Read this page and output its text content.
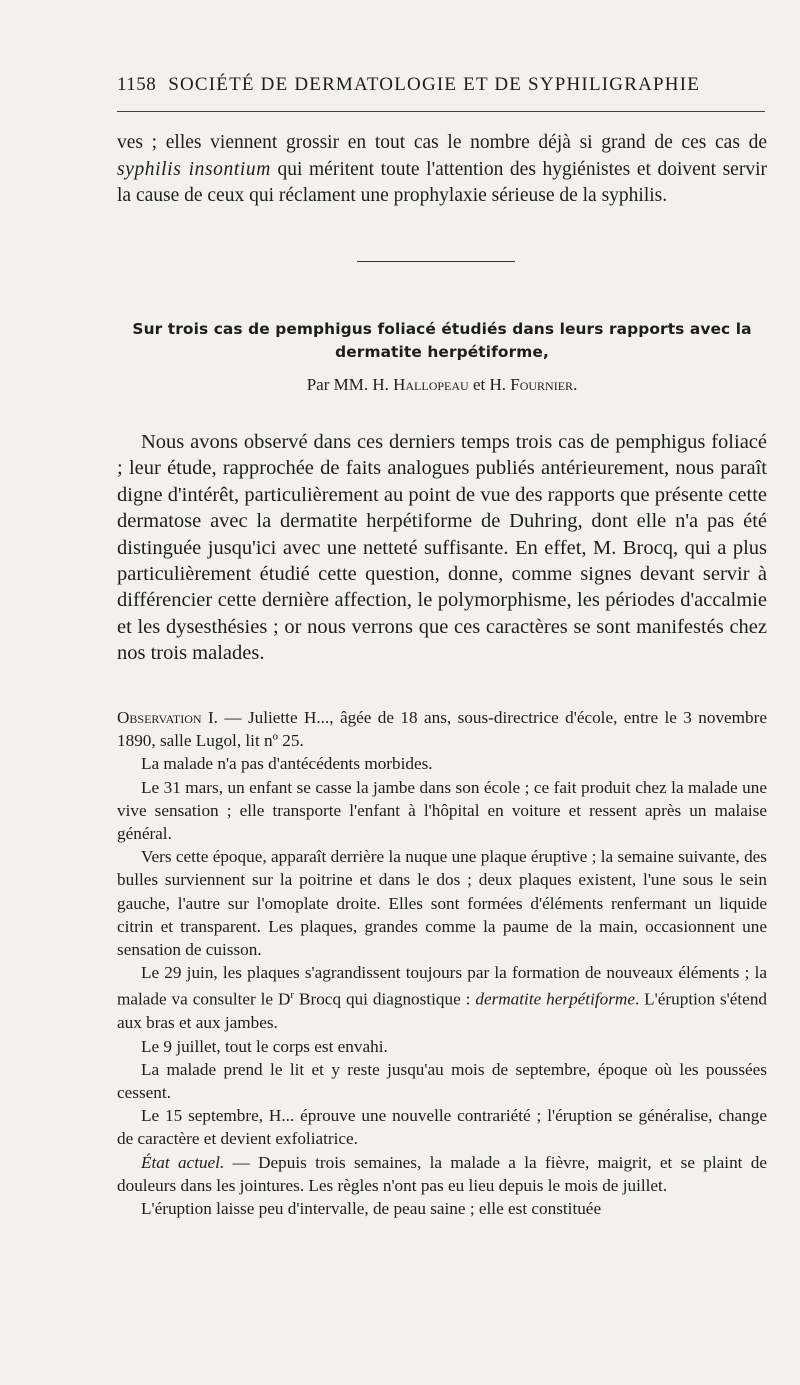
1158 SOCIÉTÉ DE DERMATOLOGIE ET DE SYPHILIGRAPHIE

ves ; elles viennent grossir en tout cas le nombre déjà si grand de ces cas de syphilis insontium qui méritent toute l'attention des hygiénistes et doivent servir la cause de ceux qui réclament une prophylaxie sérieuse de la syphilis.

Sur trois cas de pemphigus foliacé étudiés dans leurs rapports avec la dermatite herpétiforme,
Par MM. H. Hallopeau et H. Fournier.

Nous avons observé dans ces derniers temps trois cas de pemphigus foliacé ; leur étude, rapprochée de faits analogues publiés antérieurement, nous paraît digne d'intérêt, particulièrement au point de vue des rapports que présente cette dermatose avec la dermatite herpétiforme de Duhring, dont elle n'a pas été distinguée jusqu'ici avec une netteté suffisante. En effet, M. Brocq, qui a plus particulièrement étudié cette question, donne, comme signes devant servir à différencier cette dernière affection, le polymorphisme, les périodes d'accalmie et les dysesthésies ; or nous verrons que ces caractères se sont manifestés chez nos trois malades.

Observation I. — Juliette H..., âgée de 18 ans, sous-directrice d'école, entre le 3 novembre 1890, salle Lugol, lit nº 25.

La malade n'a pas d'antécédents morbides.

Le 31 mars, un enfant se casse la jambe dans son école ; ce fait produit chez la malade une vive sensation ; elle transporte l'enfant à l'hôpital en voiture et ressent après un malaise général.

Vers cette époque, apparaît derrière la nuque une plaque éruptive ; la semaine suivante, des bulles surviennent sur la poitrine et dans le dos ; deux plaques existent, l'une sous le sein gauche, l'autre sur l'omoplate droite. Elles sont formées d'éléments renfermant un liquide citrin et transparent. Les plaques, grandes comme la paume de la main, occasionnent une sensation de cuisson.

Le 29 juin, les plaques s'agrandissent toujours par la formation de nouveaux éléments ; la malade va consulter le $D^r$ Brocq qui diagnostique : dermatite herpétiforme. L'éruption s'étend aux bras et aux jambes.

Le 9 juillet, tout le corps est envahi.

La malade prend le lit et y reste jusqu'au mois de septembre, époque où les poussées cessent.

Le 15 septembre, H... éprouve une nouvelle contrariété ; l'éruption se généralise, change de caractère et devient exfoliatrice.

État actuel. — Depuis trois semaines, la malade a la fièvre, maigrit, et se plaint de douleurs dans les jointures. Les règles n'ont pas eu lieu depuis le mois de juillet.

L'éruption laisse peu d'intervalle, de peau saine ; elle est constituée
